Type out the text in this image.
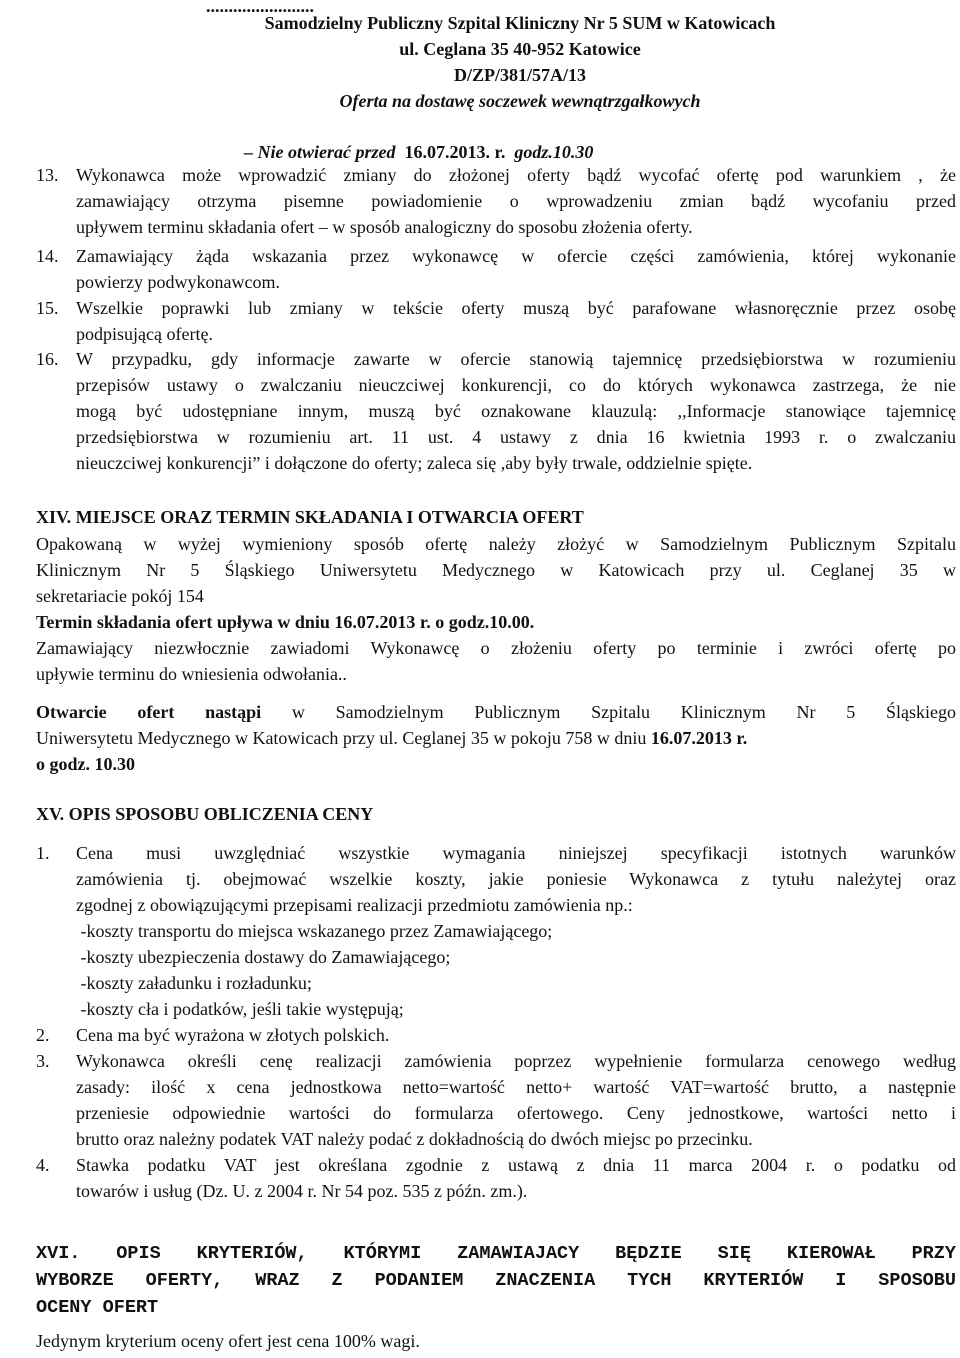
........................
Samodzielny Publiczny Szpital Kliniczny Nr 5 SUM w Katowicach
ul. Ceglana 35 40-952 Katowice
D/ZP/381/57A/13
Oferta na dostawę soczewek wewnątrzgałkowych
– Nie otwierać przed 16.07.2013. r. godz.10.30
13. Wykonawca może wprowadzić zmiany do złożonej oferty bądź wycofać ofertę pod warunkiem , że
zamawiający otrzyma pisemne powiadomienie o wprowadzeniu zmian bądź wycofaniu przed
upływem terminu składania ofert – w sposób analogiczny do sposobu złożenia oferty.
14. Zamawiający żąda wskazania przez wykonawcę w ofercie części zamówienia, której wykonanie
powierzy podwykonawcom.
15. Wszelkie poprawki lub zmiany w tekście oferty muszą być parafowane własnoręcznie przez osobę
podpisującą ofertę.
16. W przypadku, gdy informacje zawarte w ofercie stanowią tajemnicę przedsiębiorstwa w rozumieniu
przepisów ustawy o zwalczaniu nieuczciwej konkurencji, co do których wykonawca zastrzega, że nie
mogą być udostępniane innym, muszą być oznakowane klauzulą: ,,Informacje stanowiące tajemnicę
przedsiębiorstwa w rozumieniu art. 11 ust. 4 ustawy z dnia 16 kwietnia 1993 r. o zwalczaniu
nieuczciwej konkurencji” i dołączone do oferty; zaleca się ,aby były trwale, oddzielnie spięte.
XIV. MIEJSCE ORAZ TERMIN SKŁADANIA I OTWARCIA OFERT
Opakowaną w wyżej wymieniony sposób ofertę należy złożyć w Samodzielnym Publicznym Szpitalu
Klinicznym Nr 5 Śląskiego Uniwersytetu Medycznego w Katowicach przy ul. Ceglanej 35 w
sekretariacie pokój 154
Termin składania ofert upływa w dniu 16.07.2013 r. o godz.10.00.
Zamawiający niezwłocznie zawiadomi Wykonawcę o złożeniu oferty po terminie i zwróci ofertę po
upływie terminu do wniesienia odwołania..
Otwarcie ofert nastąpi w Samodzielnym Publicznym Szpitalu Klinicznym Nr 5 Śląskiego
Uniwersytetu Medycznego w Katowicach przy ul. Ceglanej 35 w pokoju 758 w dniu 16.07.2013 r.
o godz. 10.30
XV. OPIS SPOSOBU OBLICZENIA CENY
1. Cena musi uwzględniać wszystkie wymagania niniejszej specyfikacji istotnych warunków
zamówienia tj. obejmować wszelkie koszty, jakie poniesie Wykonawca z tytułu należytej oraz
zgodnej z obowiązującymi przepisami realizacji przedmiotu zamówienia np.:
-koszty transportu do miejsca wskazanego przez Zamawiającego;
-koszty ubezpieczenia dostawy do Zamawiającego;
-koszty załadunku i rozładunku;
-koszty cła i podatków, jeśli takie występują;
2. Cena ma być wyrażona w złotych polskich.
3. Wykonawca określi cenę realizacji zamówienia poprzez wypełnienie formularza cenowego według
zasady: ilość x cena jednostkowa netto=wartość netto+ wartość VAT=wartość brutto, a następnie
przeniesie odpowiednie wartości do formularza ofertowego. Ceny jednostkowe, wartości netto i
brutto oraz należny podatek VAT należy podać z dokładnością do dwóch miejsc po przecinku.
4. Stawka podatku VAT jest określana zgodnie z ustawą z dnia 11 marca 2004 r. o podatku od
towarów i usług (Dz. U. z 2004 r. Nr 54 poz. 535 z późn. zm.).
XVI. OPIS KRYTERIÓW, KTÓRYMI ZAMAWIAJACY BĘDZIE SIĘ KIEROWAŁ PRZY
WYBORZE OFERTY, WRAZ Z PODANIEM ZNACZENIA TYCH KRYTERIÓW I SPOSOBU
OCENY OFERT
Jedynym kryterium oceny ofert jest cena 100% wagi.
